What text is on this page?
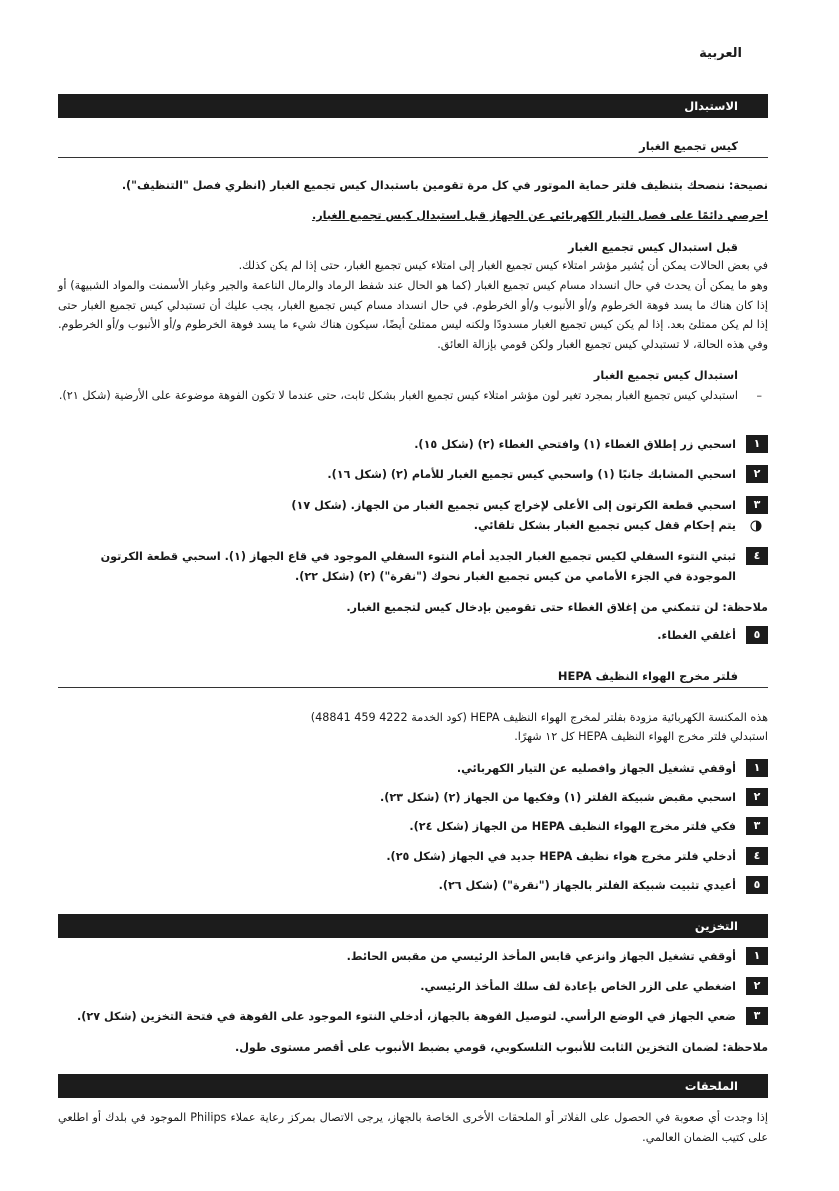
العربية
الاستبدال
كيس تجميع الغبار
نصيحة: ننصحك بتنظيف فلتر حماية الموتور في كل مرة تقومين باستبدال كيس تجميع الغبار (انظري فصل "التنظيف").
احرصي دائمًا على فصل التيار الكهربائي عن الجهاز قبل استبدال كيس تجميع الغبار.
قبل استبدال كيس تجميع الغبار
في بعض الحالات يمكن أن يُشير مؤشر امتلاء كيس تجميع الغبار إلى امتلاء كيس تجميع الغبار، حتى إذا لم يكن كذلك.
وهو ما يمكن أن يحدث في حال انسداد مسام كيس تجميع الغبار (كما هو الحال عند شفط الرماد والرمال الناعمة والجير وغبار الأسمنت والمواد الشبيهة) أو إذا كان هناك ما يسد فوهة الخرطوم و/أو الأنبوب و/أو الخرطوم. في حال انسداد مسام كيس تجميع الغبار، يجب عليك أن تستبدلي كيس تجميع الغبار حتى إذا لم يكن ممتلئ بعد. إذا لم يكن كيس تجميع الغبار مسدودًا ولكنه ليس ممتلئ أيضًا، سيكون هناك شيء ما يسد فوهة الخرطوم و/أو الأنبوب و/أو الخرطوم. وفي هذه الحالة، لا تستبدلي كيس تجميع الغبار ولكن قومي بإزالة العائق.
استبدال كيس تجميع الغبار
–
استبدلي كيس تجميع الغبار بمجرد تغير لون مؤشر امتلاء كيس تجميع الغبار بشكل ثابت، حتى عندما لا تكون الفوهة موضوعة على الأرضية (شكل ٢١).
١
اسحبي زر إطلاق الغطاء (١) وافتحي الغطاء (٢) (شكل ١٥).
٢
اسحبي المشابك جانبًا (١) واسحبي كيس تجميع الغبار للأمام (٢) (شكل ١٦).
٣
اسحبي قطعة الكرتون إلى الأعلى لإخراج كيس تجميع الغبار من الجهاز. (شكل ١٧)
يتم إحكام قفل كيس تجميع الغبار بشكل تلقائي.
٤
ثبتي النتوء السفلي لكيس تجميع الغبار الجديد أمام النتوء السفلي الموجود في قاع الجهاز (١). اسحبي قطعة الكرتون الموجودة في الجزء الأمامي من كيس تجميع الغبار نحوك ("نقرة") (٢) (شكل ٢٢).
ملاحظة: لن تتمكني من إغلاق الغطاء حتى تقومين بإدخال كيس لتجميع الغبار.
٥
أغلقي الغطاء.
فلتر مخرج الهواء النظيف HEPA
هذه المكنسة الكهربائية مزودة بفلتر لمخرج الهواء النظيف HEPA (كود الخدمة 4222 459 48841)
استبدلي فلتر مخرج الهواء النظيف HEPA كل ١٢ شهرًا.
١
أوقفي تشغيل الجهاز وافصليه عن التيار الكهربائي.
٢
اسحبي مقبض شبيكة الفلتر (١) وفكيها من الجهاز (٢) (شكل ٢٣).
٣
فكي فلتر مخرج الهواء النظيف HEPA من الجهاز (شكل ٢٤).
٤
أدخلي فلتر مخرج هواء نظيف HEPA جديد في الجهاز (شكل ٢٥).
٥
أعيدي تثبيت شبيكة الفلتر بالجهاز ("نقرة") (شكل ٢٦).
التخزين
١
أوقفي تشغيل الجهاز وانزعي قابس المأخذ الرئيسي من مقبس الحائط.
٢
اضغطي على الزر الخاص بإعادة لف سلك المأخذ الرئيسي.
٣
ضعي الجهاز في الوضع الرأسي. لتوصيل الفوهة بالجهاز، أدخلي النتوء الموجود على الفوهة في فتحة التخزين (شكل ٢٧).
ملاحظة: لضمان التخزين الثابت للأنبوب التلسكوبي، قومي بضبط الأنبوب على أقصر مستوى طول.
الملحقات
إذا وجدت أي صعوبة في الحصول على الفلاتر أو الملحقات الأخرى الخاصة بالجهاز، يرجى الاتصال بمركز رعاية عملاء Philips الموجود في بلدك أو اطلعي على كتيب الضمان العالمي.
